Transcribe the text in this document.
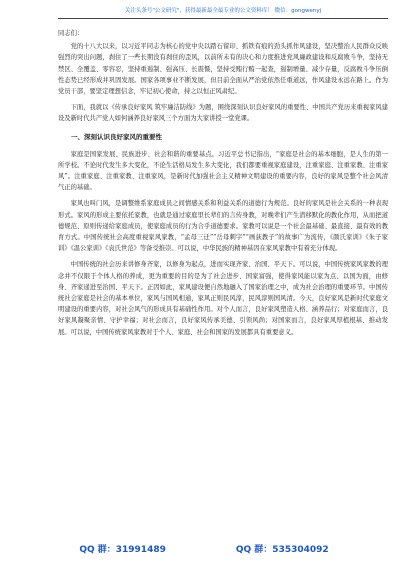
关注头条号"公文研究"，获得最新最全最专业的公文资料库！ 微信：gongwenyj

同志们：

党的十八大以来，以习近平同志为核心的党中央以踏石留印、抓铁有痕的劲头抓作风建设，坚决整治人民群众反映强烈的突出问题，刹住了一些长期没有刹住的歪风，以前所未有的决心和力度推进党风廉政建设和反腐败斗争，坚持无禁区、全覆盖、零容忍，坚持重遏制、强高压、长震慑，坚持受贿行贿一起查，遏制增量、减少存量，反腐败斗争压倒性态势已经形成并巩固发展。国家各项事业不断发展，但目前全面从严治党依然任重道远，作风建设永远在路上。作为党员干部，要坚定理想信念，牢记初心使命，持之以恒正风肃纪。

下面，我就以《传承良好家风 筑牢廉洁防线》为题，围绕深刻认识良好家风的重要性、中国共产党历来重视家风建设及新时代共产党人如何涵养良好家风三个方面为大家讲授一堂党课。

一、深刻认识良好家风的重要性

家庭是国家发展、民族进步、社会和谐的重要基点。习近平总书记指出，“家庭是社会的基本细胞，是人生的第一所学校。不论时代发生多大变化，不论生活格局发生多大变化，我们都要重视家庭建设，注重家庭、注重家教、注重家风”。注重家庭、注重家教、注重家风，是新时代加强社会主义精神文明建设的重要内容，良好的家风是整个社会风清气正的基础。

家风也叫门风，是调整维系家庭成员之间情感关系和利益关系的道德行为规范。良好的家风是社会关系的一种表现形式。家风的形成主要依托家教，也就是通过家庭里长辈们的言传身教，对晚辈们产生潜移默化的教化作用，从而把道德规范、原则传递给家庭成员，使家庭成员的行为合乎道德要求。家教可以说是一个社会最基础、最直接、最有效的教育方式。中国传统社会高度重视家风家教，“孟母三迁”“岳母刺字”“画荻教子”的故事广为流传，《颜氏家训》《朱子家训》《温公家训》《袁氏世范》等备受推崇。可以说，中华民族的精神基因在家风家教中有着充分体现。

中国传统的社会历来讲修身齐家，以修身为起点，进而实现齐家、治国、平天下。可以说，中国传统家风家教的理念并不仅限于个体人格的养成，更为重要的目的是为了社会进步、国家富强，使得家风能以家为点、以国为面，由修身、齐家递进至治国、平天下。正因如此，家风建设便自然地融入了国家治理之中，成为社会治理的重要环节。中国传统社会家庭是社会的基本单位，家风与国风相通，家风正则民风淳，民风淳则国风清。今天，良好家风是新时代家庭文明建设的重要内容，对社会风气的形成具有基础性作用。对个人而言，良好家风塑造人格、涵养品行；对家庭而言，良好家风凝聚亲情、守护幸福；对社会而言，良好家风传承美德、引领风尚；对国家而言，良好家风厚植根基、推动发展。可以说，中国传统家风家教对于个人、家庭、社会和国家的发展都具有重要意义。

QQ 群：31991489	QQ 群：535304092
